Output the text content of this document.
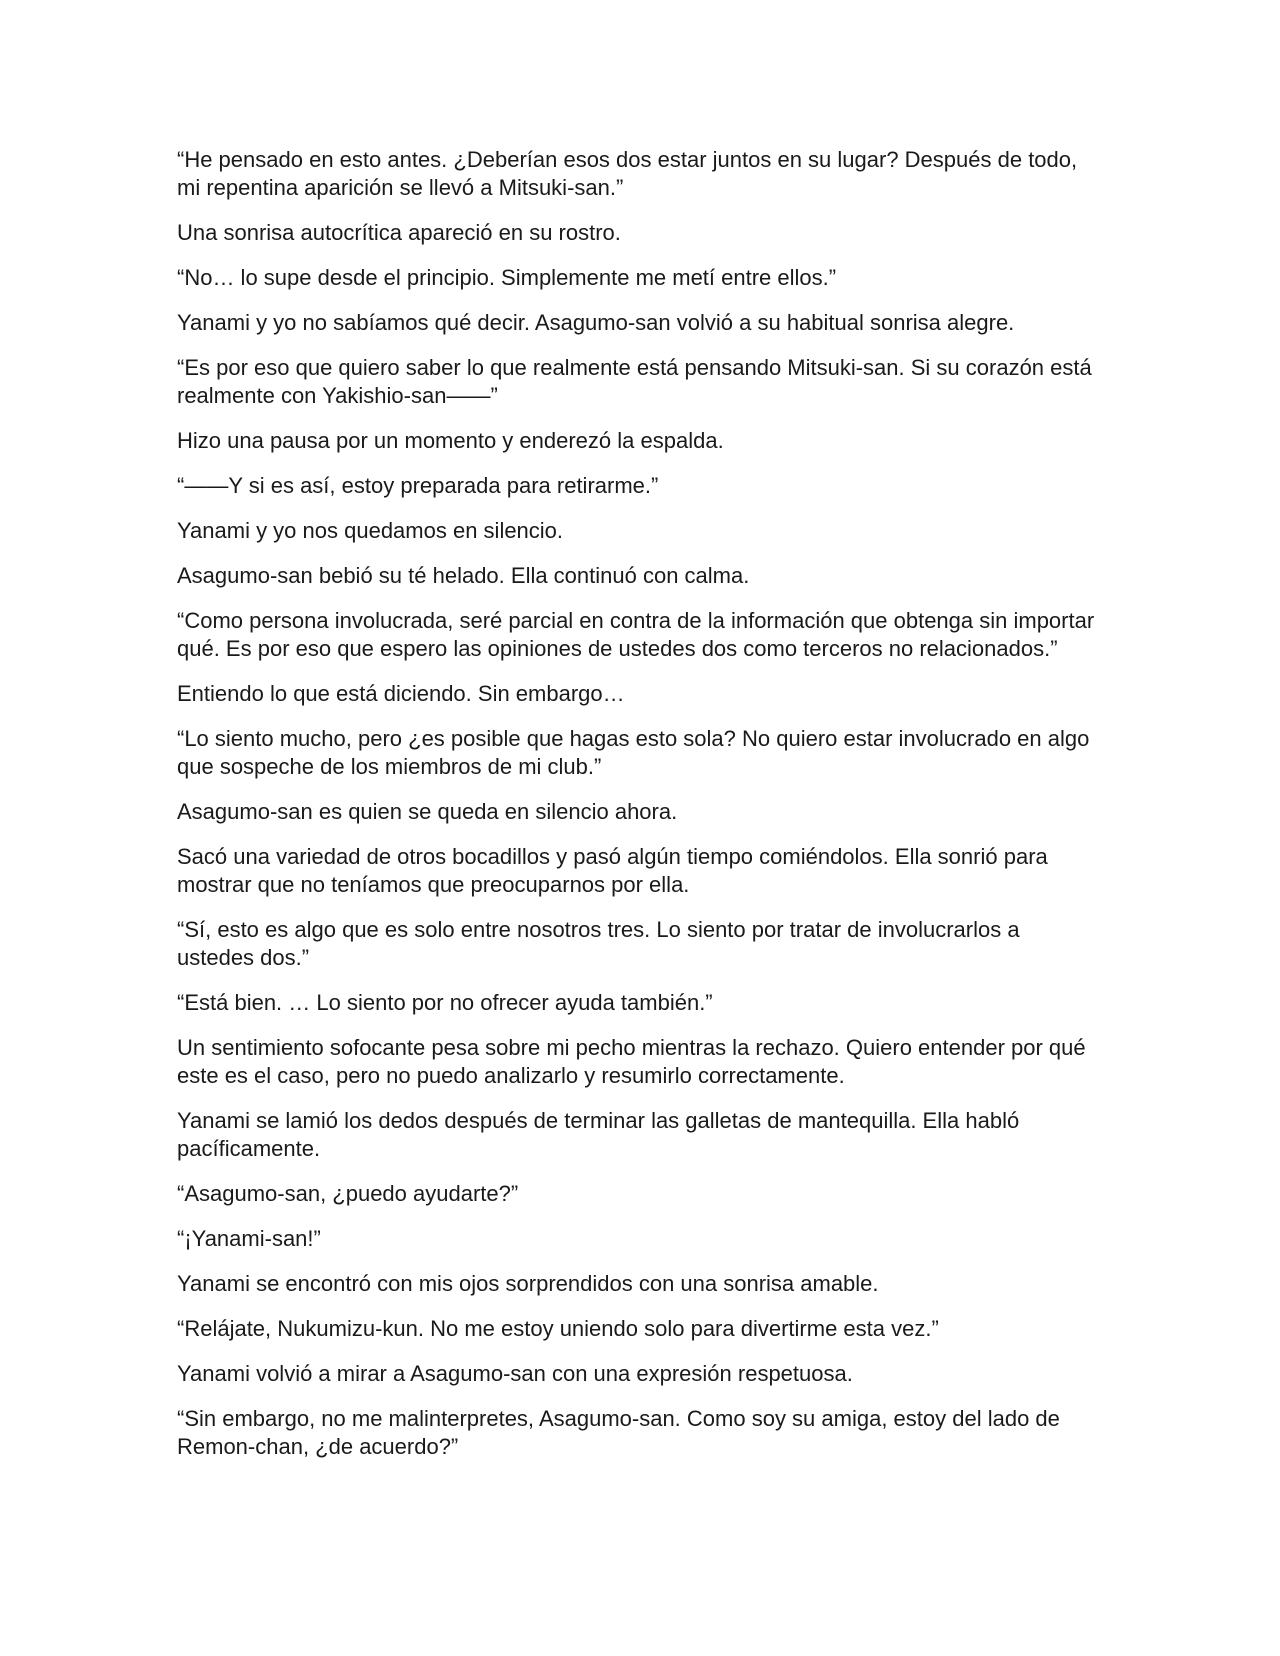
“He pensado en esto antes. ¿Deberían esos dos estar juntos en su lugar? Después de todo, mi repentina aparición se llevó a Mitsuki-san.”

Una sonrisa autocrítica apareció en su rostro.

“No… lo supe desde el principio. Simplemente me metí entre ellos.”

Yanami y yo no sabíamos qué decir. Asagumo-san volvió a su habitual sonrisa alegre.

“Es por eso que quiero saber lo que realmente está pensando Mitsuki-san. Si su corazón está realmente con Yakishio-san——”

Hizo una pausa por un momento y enderezó la espalda.

“——Y si es así, estoy preparada para retirarme.”

Yanami y yo nos quedamos en silencio.

Asagumo-san bebió su té helado. Ella continuó con calma.

“Como persona involucrada, seré parcial en contra de la información que obtenga sin importar qué. Es por eso que espero las opiniones de ustedes dos como terceros no relacionados.”

Entiendo lo que está diciendo. Sin embargo…

“Lo siento mucho, pero ¿es posible que hagas esto sola? No quiero estar involucrado en algo que sospeche de los miembros de mi club.”

Asagumo-san es quien se queda en silencio ahora.

Sacó una variedad de otros bocadillos y pasó algún tiempo comiéndolos. Ella sonrió para mostrar que no teníamos que preocuparnos por ella.

“Sí, esto es algo que es solo entre nosotros tres. Lo siento por tratar de involucrarlos a ustedes dos.”

“Está bien. … Lo siento por no ofrecer ayuda también.”

Un sentimiento sofocante pesa sobre mi pecho mientras la rechazo. Quiero entender por qué este es el caso, pero no puedo analizarlo y resumirlo correctamente.

Yanami se lamió los dedos después de terminar las galletas de mantequilla. Ella habló pacíficamente.

“Asagumo-san, ¿puedo ayudarte?”

“¡Yanami-san!”

Yanami se encontró con mis ojos sorprendidos con una sonrisa amable.

“Relájate, Nukumizu-kun. No me estoy uniendo solo para divertirme esta vez.”

Yanami volvió a mirar a Asagumo-san con una expresión respetuosa.

“Sin embargo, no me malinterpretes, Asagumo-san. Como soy su amiga, estoy del lado de Remon-chan, ¿de acuerdo?”
